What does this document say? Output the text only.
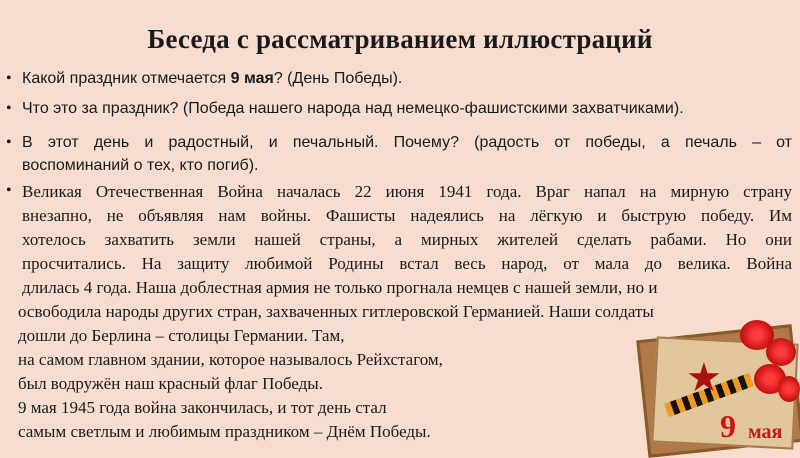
Беседа с рассматриванием иллюстраций
• Какой праздник отмечается 9 мая? (День Победы).
• Что это за праздник? (Победа нашего народа над немецко-фашистскими захватчиками).
• В этот день и радостный, и печальный. Почему? (радость от победы, а печаль – от
воспоминаний о тех, кто погиб).
• Великая Отечественная Война началась 22 июня 1941 года. Враг напал на мирную страну
внезапно, не объявляя нам войны. Фашисты надеялись на лёгкую и быструю победу. Им
хотелось захватить земли нашей страны, а мирных жителей сделать рабами. Но они
просчитались. На защиту любимой Родины встал весь народ, от мала до велика. Война
длилась 4 года. Наша доблестная армия не только прогнала немцев с нашей земли, но и
★
9 мая
освободила народы других стран, захваченных гитлеровской Германией. Наши солдаты
дошли до Берлина – столицы Германии. Там,
на самом главном здании, которое называлось Рейхстагом,
был водружён наш красный флаг Победы.
9 мая 1945 года война закончилась, и тот день стал
самым светлым и любимым праздником – Днём Победы.
